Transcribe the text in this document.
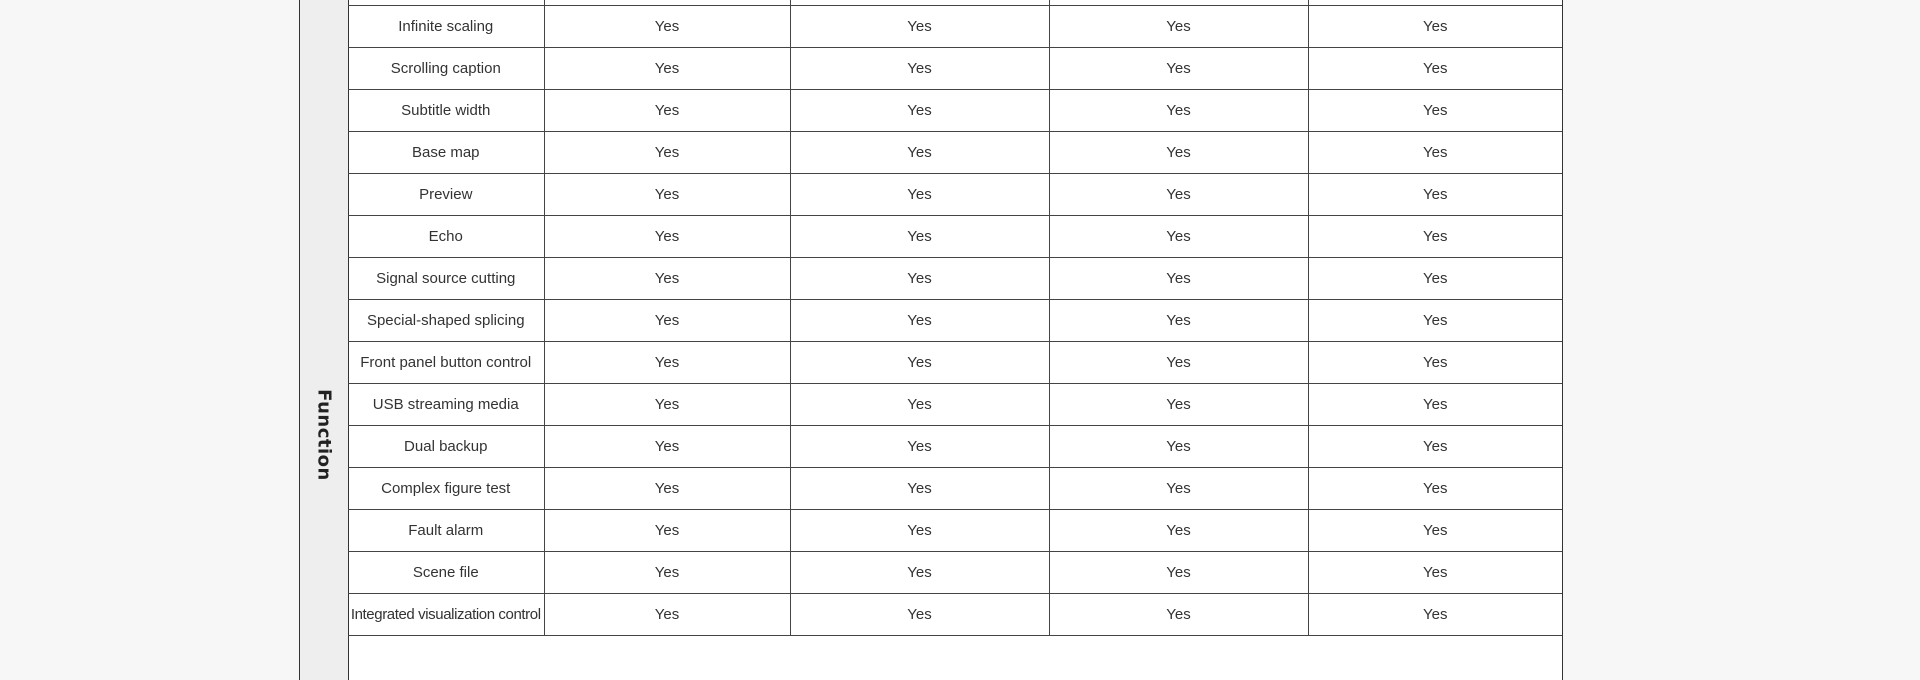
Function

Infinite scaling	Yes	Yes	Yes	Yes
Scrolling caption	Yes	Yes	Yes	Yes
Subtitle width	Yes	Yes	Yes	Yes
Base map	Yes	Yes	Yes	Yes
Preview	Yes	Yes	Yes	Yes
Echo	Yes	Yes	Yes	Yes
Signal source cutting	Yes	Yes	Yes	Yes
Special-shaped splicing	Yes	Yes	Yes	Yes
Front panel button control	Yes	Yes	Yes	Yes
USB streaming media	Yes	Yes	Yes	Yes
Dual backup	Yes	Yes	Yes	Yes
Complex figure test	Yes	Yes	Yes	Yes
Fault alarm	Yes	Yes	Yes	Yes
Scene file	Yes	Yes	Yes	Yes
Integrated visualization control	Yes	Yes	Yes	Yes
